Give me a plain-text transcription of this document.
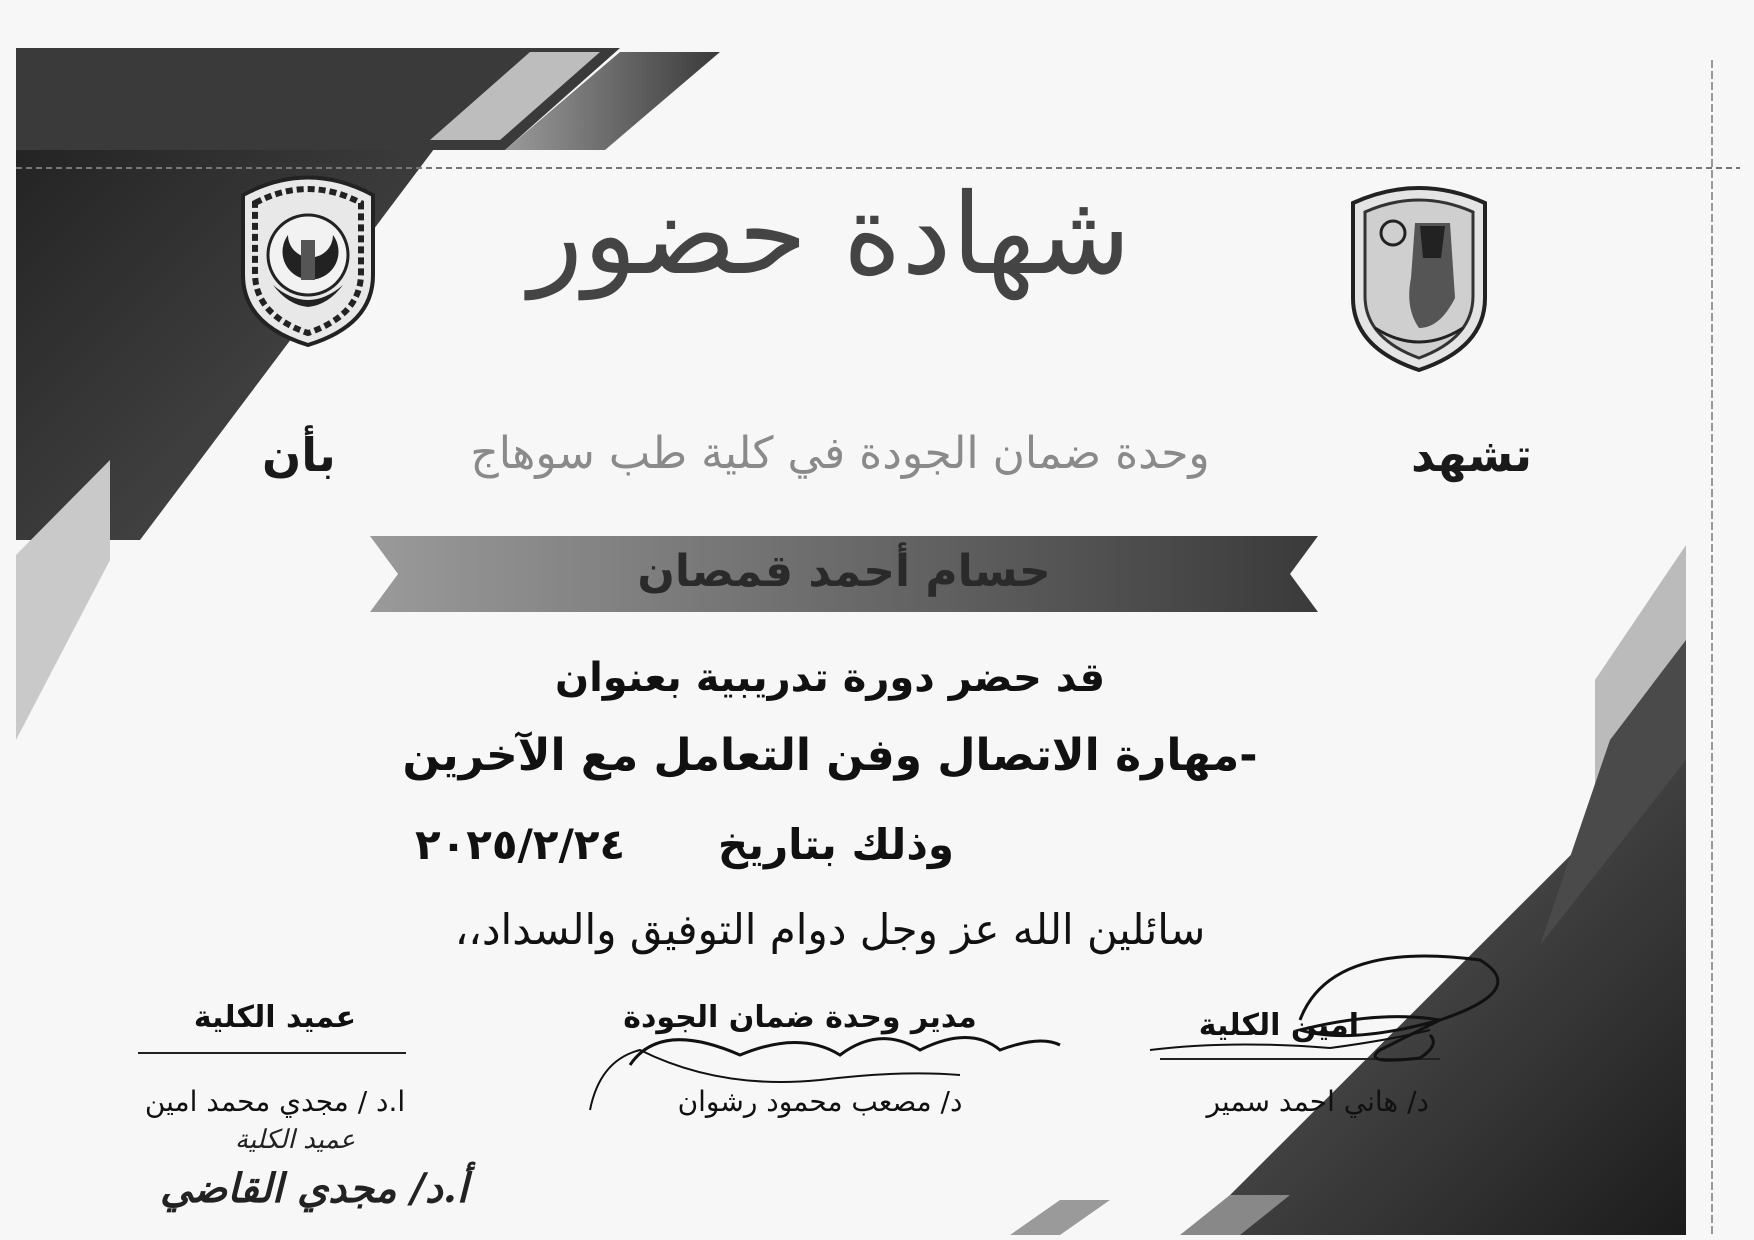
شهادة حضور
تشهد
وحدة ضمان الجودة في كلية طب سوهاج
بأن
حسام أحمد قمصان
قد حضر دورة تدريبية بعنوان
-مهارة الاتصال وفن التعامل مع الآخرين
وذلك بتاريخ
٢٠٢٥/٢/٢٤
سائلين الله عز وجل دوام التوفيق والسداد،،
امين الكلية
د/ هاني احمد سمير
مدير وحدة ضمان الجودة
د/ مصعب محمود رشوان
عميد الكلية
ا.د / مجدي محمد امين
عميد الكلية
أ.د/ مجدي القاضي
